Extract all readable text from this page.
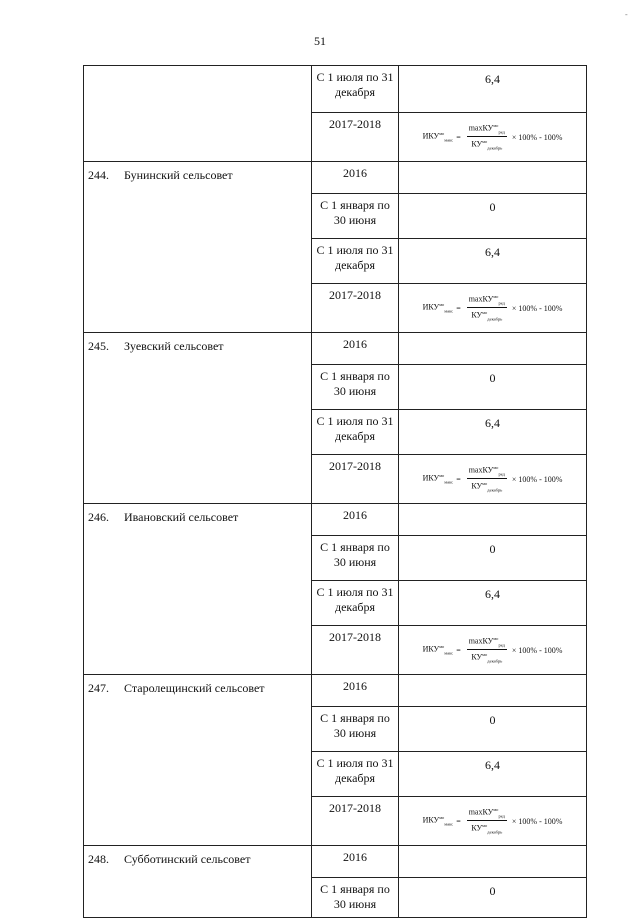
-
51
	С 1 июля по 31 декабря	6,4
	2017-2018	$ИКУ^{мо}_{макс} = \frac{\max КУ^{мо}_{ред}}{КУ^{мо}_{декабрь}} \times 100\% - 100\%$

244. Бунинский сельсовет	2016	
	С 1 января по 30 июня	0
	С 1 июля по 31 декабря	6,4
	2017-2018	$ИКУ^{мо}_{макс} = \frac{\max КУ^{мо}_{ред}}{КУ^{мо}_{декабрь}} \times 100\% - 100\%$

245. Зуевский сельсовет	2016	
	С 1 января по 30 июня	0
	С 1 июля по 31 декабря	6,4
	2017-2018	$ИКУ^{мо}_{макс} = \frac{\max КУ^{мо}_{ред}}{КУ^{мо}_{декабрь}} \times 100\% - 100\%$

246. Ивановский сельсовет	2016	
	С 1 января по 30 июня	0
	С 1 июля по 31 декабря	6,4
	2017-2018	$ИКУ^{мо}_{макс} = \frac{\max КУ^{мо}_{ред}}{КУ^{мо}_{декабрь}} \times 100\% - 100\%$

247. Старолещинский сельсовет	2016	
	С 1 января по 30 июня	0
	С 1 июля по 31 декабря	6,4
	2017-2018	$ИКУ^{мо}_{макс} = \frac{\max КУ^{мо}_{ред}}{КУ^{мо}_{декабрь}} \times 100\% - 100\%$

248. Субботинский сельсовет	2016	
	С 1 января по 30 июня	0
